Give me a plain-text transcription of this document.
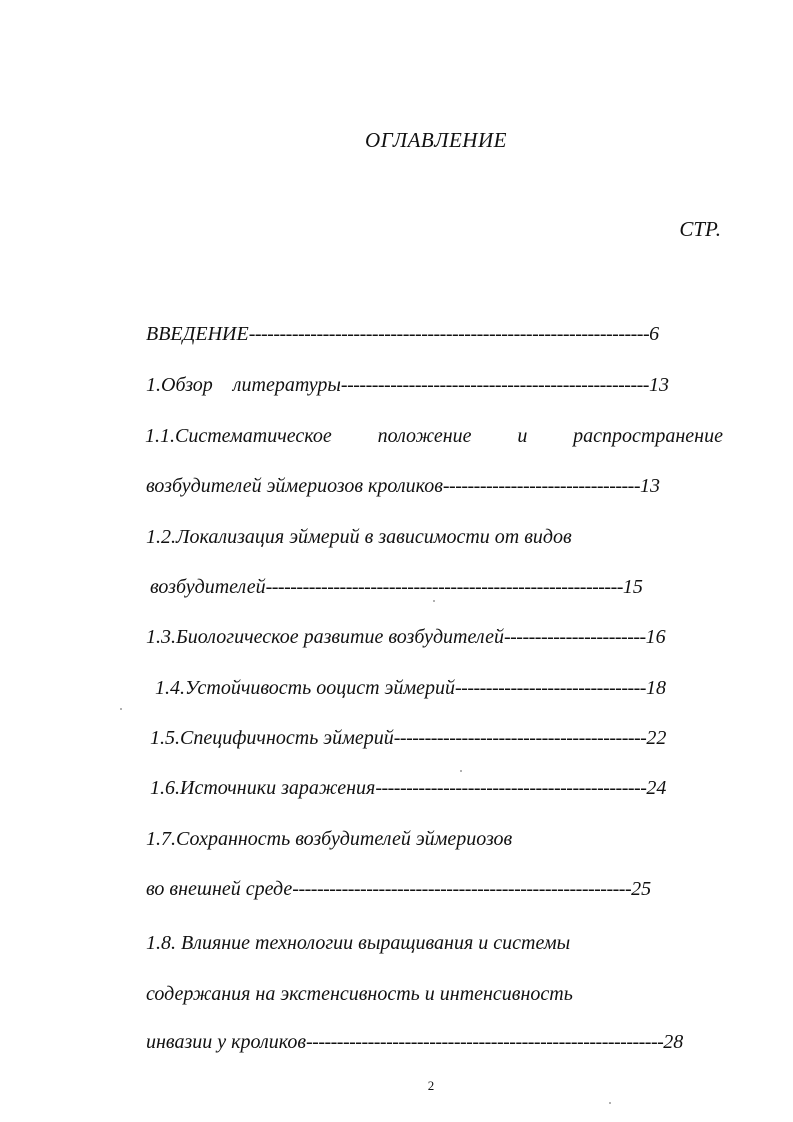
ОГЛАВЛЕНИЕ
СТР.
ВВЕДЕНИЕ-----------------------------------------------------------------6
1.Обзор    литературы--------------------------------------------------13
1.1.Систематическое положение и распространение
возбудителей эймериозов кроликов--------------------------------13
1.2.Локализация эймерий в зависимости от видов
возбудителей----------------------------------------------------------15
1.3.Биологическое развитие возбудителей-----------------------16
1.4.Устойчивость ооцист эймерий-------------------------------18
1.5.Специфичность эймерий-----------------------------------------22
1.6.Источники заражения--------------------------------------------24
1.7.Сохранность возбудителей эймериозов
во внешней среде-------------------------------------------------------25
1.8. Влияние технологии выращивания и системы
содержания на экстенсивность и интенсивность
инвазии у кроликов----------------------------------------------------------28
2
